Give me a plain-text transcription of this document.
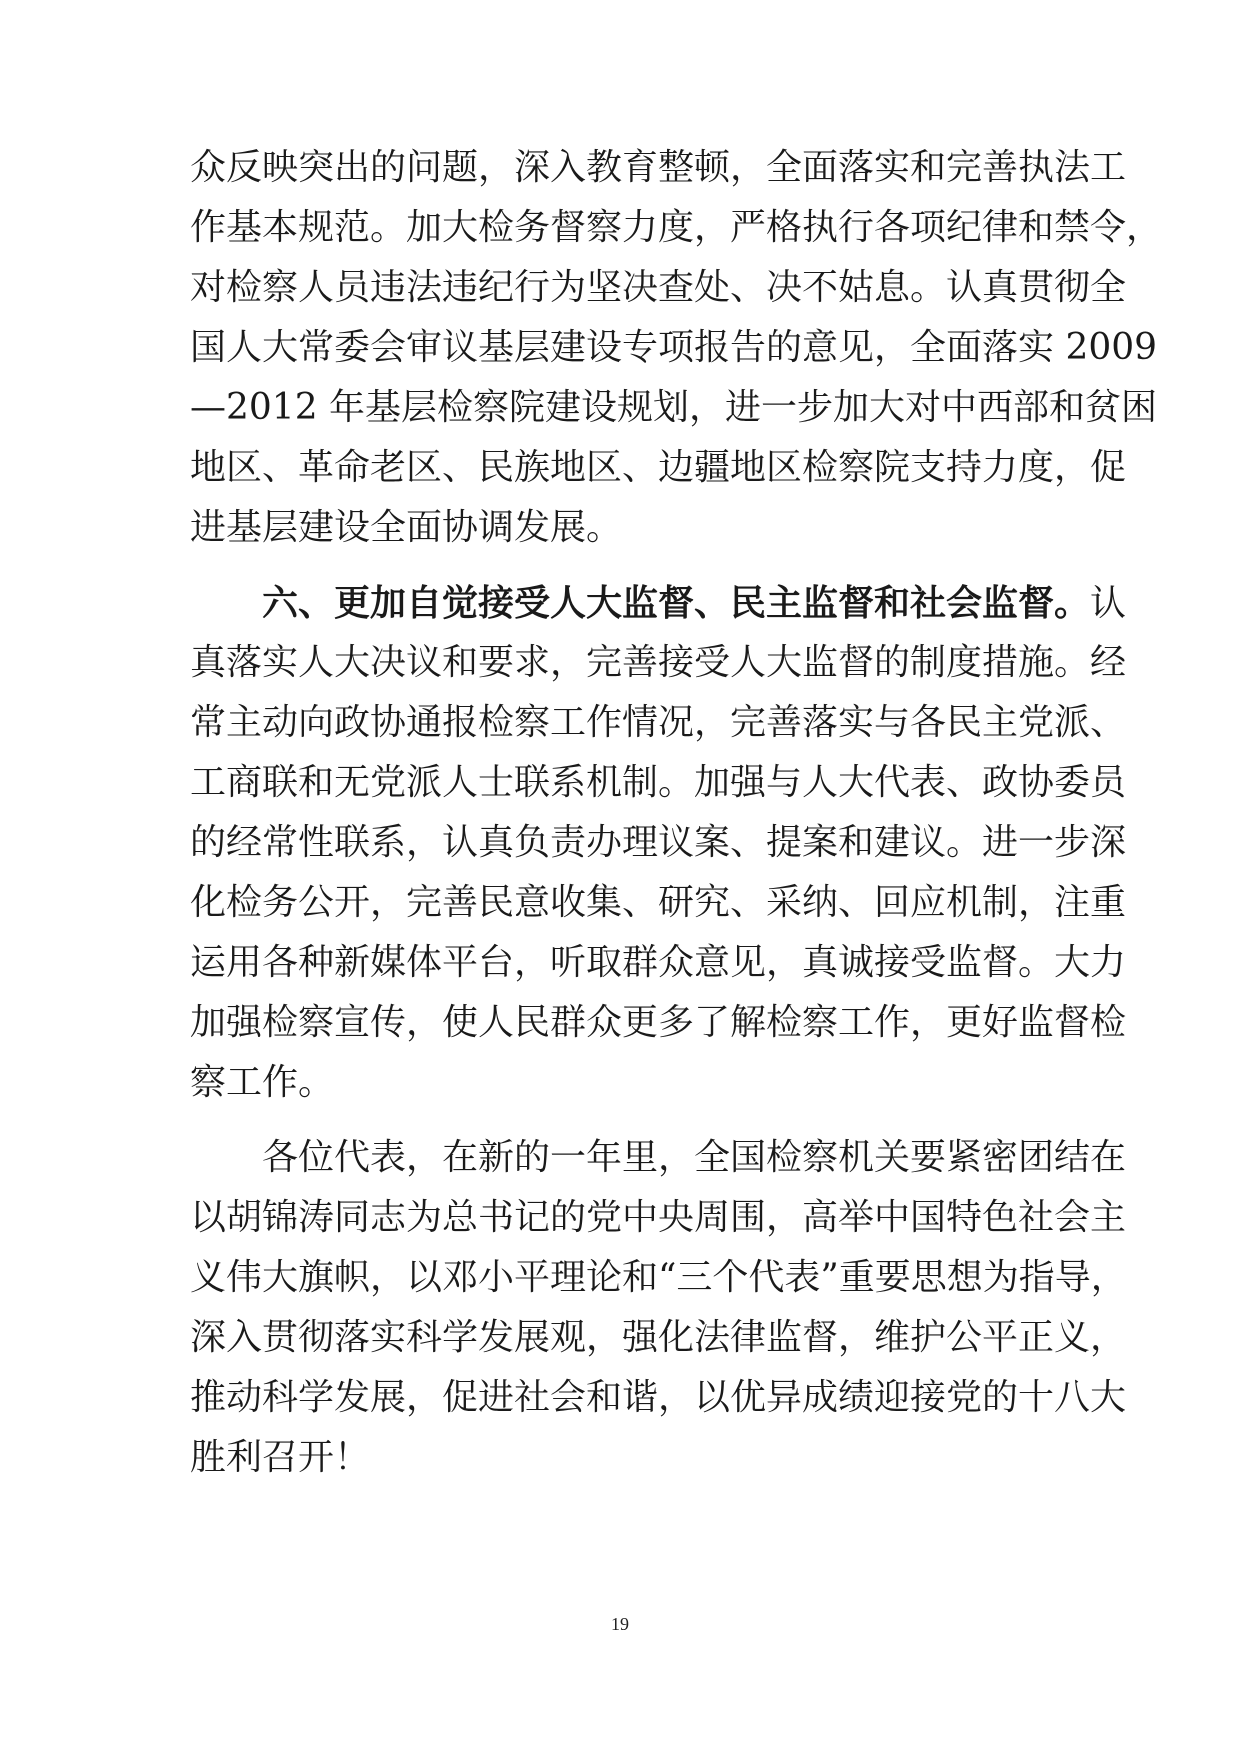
众反映突出的问题，深入教育整顿，全面落实和完善执法工
作基本规范。加大检务督察力度，严格执行各项纪律和禁令，
对检察人员违法违纪行为坚决查处、决不姑息。认真贯彻全
国人大常委会审议基层建设专项报告的意见，全面落实 2009
—2012 年基层检察院建设规划，进一步加大对中西部和贫困
地区、革命老区、民族地区、边疆地区检察院支持力度，促
进基层建设全面协调发展。
六、更加自觉接受人大监督、民主监督和社会监督。认
真落实人大决议和要求，完善接受人大监督的制度措施。经
常主动向政协通报检察工作情况，完善落实与各民主党派、
工商联和无党派人士联系机制。加强与人大代表、政协委员
的经常性联系，认真负责办理议案、提案和建议。进一步深
化检务公开，完善民意收集、研究、采纳、回应机制，注重
运用各种新媒体平台，听取群众意见，真诚接受监督。大力
加强检察宣传，使人民群众更多了解检察工作，更好监督检
察工作。
各位代表，在新的一年里，全国检察机关要紧密团结在
以胡锦涛同志为总书记的党中央周围，高举中国特色社会主
义伟大旗帜，以邓小平理论和“三个代表”重要思想为指导，
深入贯彻落实科学发展观，强化法律监督，维护公平正义，
推动科学发展，促进社会和谐，以优异成绩迎接党的十八大
胜利召开！
19
